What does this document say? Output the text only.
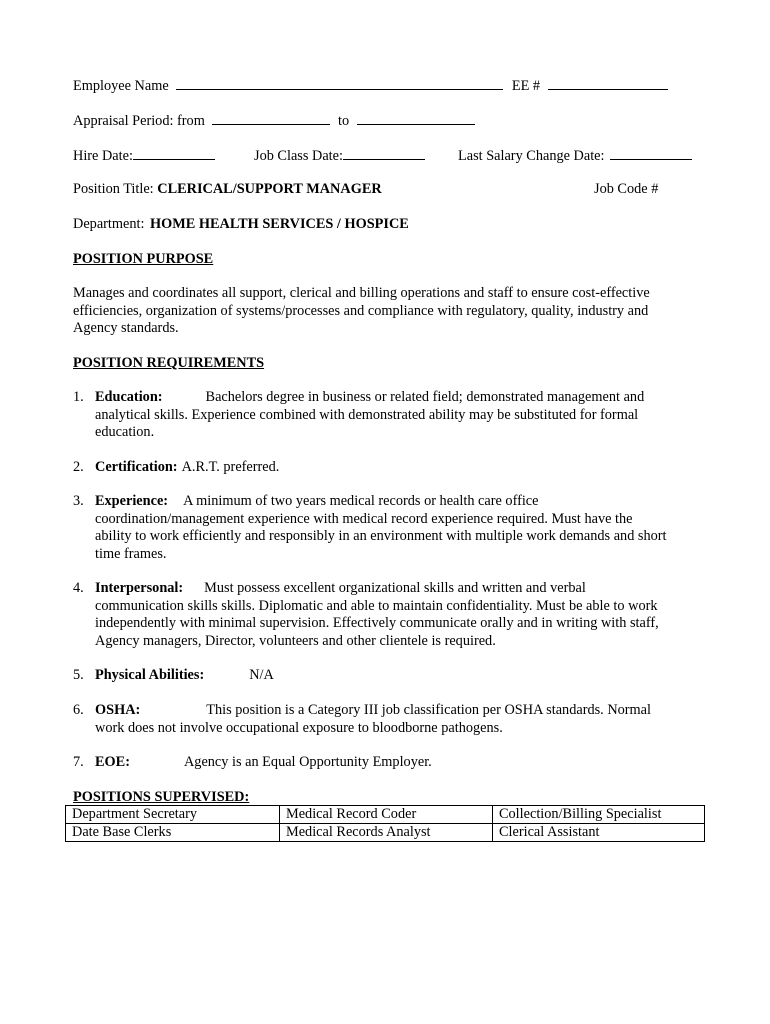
Employee Name	EE #
Appraisal Period: from	to
Hire Date:	Job Class Date:	Last Salary Change Date:
Position Title: CLERICAL/SUPPORT MANAGER	Job Code #
Department: HOME HEALTH SERVICES / HOSPICE
POSITION PURPOSE
Manages and coordinates all support, clerical and billing operations and staff to ensure cost-effective
efficiencies, organization of systems/processes and compliance with regulatory, quality, industry and
Agency standards.
POSITION REQUIREMENTS
1. Education:	Bachelors degree in business or related field; demonstrated management and
analytical skills. Experience combined with demonstrated ability may be substituted for formal
education.
2. Certification: A.R.T. preferred.
3. Experience: A minimum of two years medical records or health care office
coordination/management experience with medical record experience required. Must have the
ability to work efficiently and responsibly in an environment with multiple work demands and short
time frames.
4. Interpersonal: Must possess excellent organizational skills and written and verbal
communication skills skills. Diplomatic and able to maintain confidentiality. Must be able to work
independently with minimal supervision. Effectively communicate orally and in writing with staff,
Agency managers, Director, volunteers and other clientele is required.
5. Physical Abilities:	N/A
6. OSHA:	This position is a Category III job classification per OSHA standards. Normal
work does not involve occupational exposure to bloodborne pathogens.
7. EOE:	Agency is an Equal Opportunity Employer.
POSITIONS SUPERVISED:
Department Secretary	Medical Record Coder	Collection/Billing Specialist
Date Base Clerks	Medical Records Analyst	Clerical Assistant
